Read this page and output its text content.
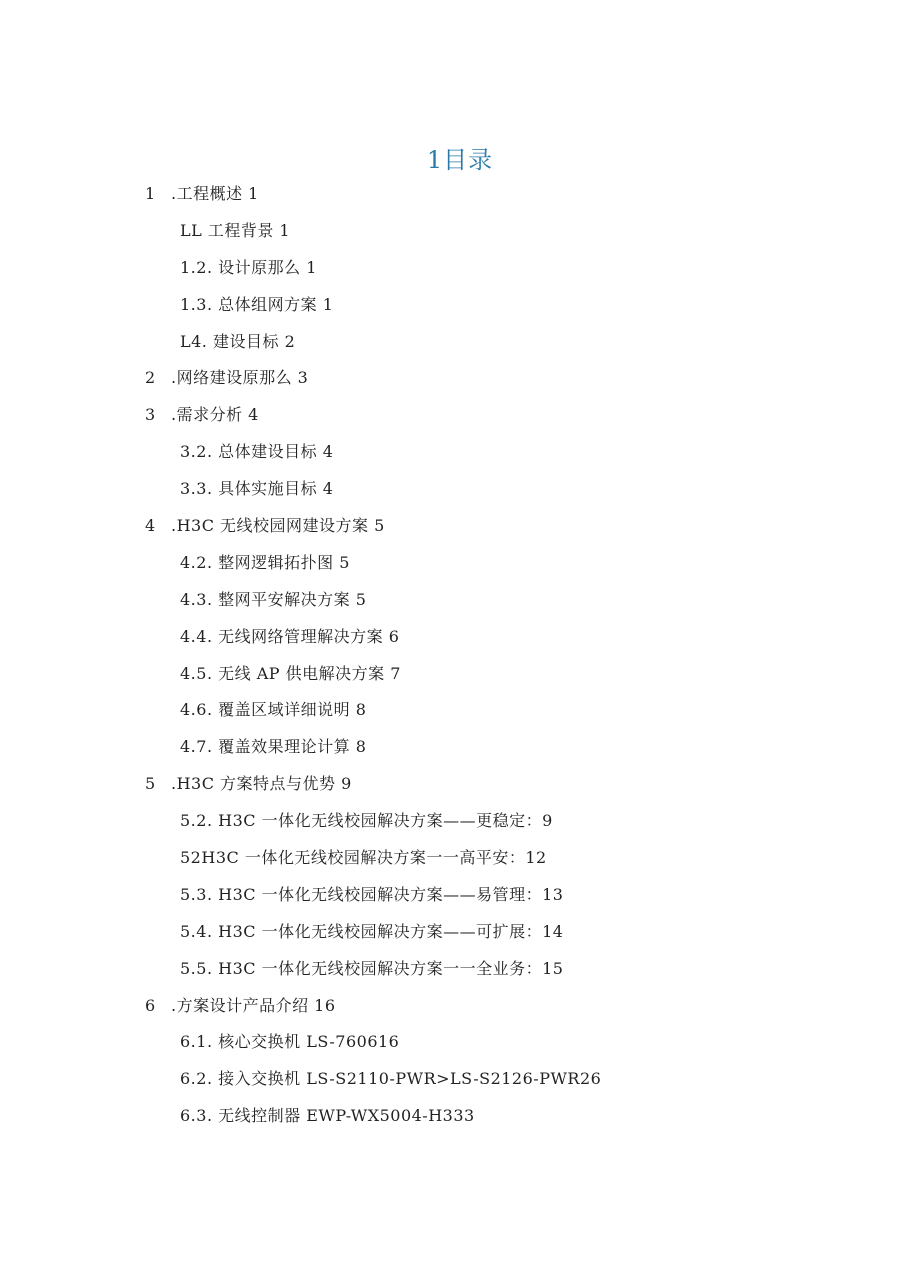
1目录
1 .工程概述 1
LL 工程背景 1
1.2. 设计原那么 1
1.3. 总体组网方案 1
L4. 建设目标 2
2 .网络建设原那么 3
3 .需求分析 4
3.2. 总体建设目标 4
3.3. 具体实施目标 4
4 .H3C 无线校园网建设方案 5
4.2. 整网逻辑拓扑图 5
4.3. 整网平安解决方案 5
4.4. 无线网络管理解决方案 6
4.5. 无线 AP 供电解决方案 7
4.6. 覆盖区域详细说明 8
4.7. 覆盖效果理论计算 8
5 .H3C 方案特点与优势 9
5.2. H3C 一体化无线校园解决方案——更稳定：9
52H3C 一体化无线校园解决方案一一高平安：12
5.3. H3C 一体化无线校园解决方案——易管理：13
5.4. H3C 一体化无线校园解决方案——可扩展：14
5.5. H3C 一体化无线校园解决方案一一全业务：15
6 .方案设计产品介绍 16
6.1. 核心交换机 LS-760616
6.2. 接入交换机 LS-S2110-PWR>LS-S2126-PWR26
6.3. 无线控制器 EWP-WX5004-H333
